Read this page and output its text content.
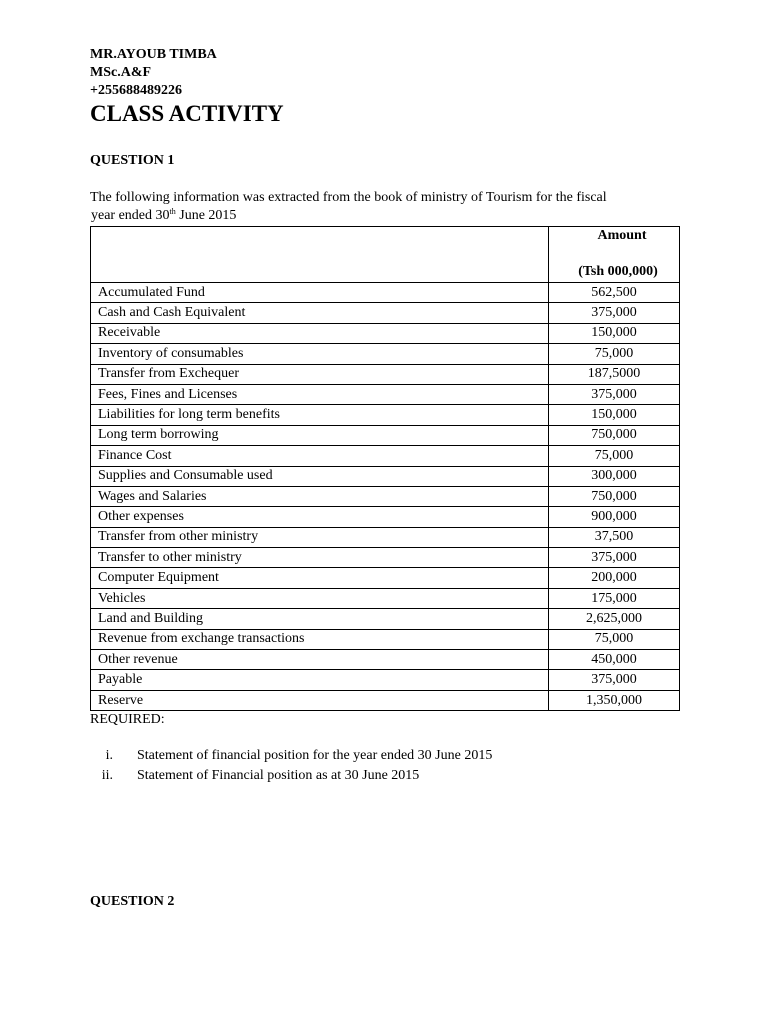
MR.AYOUB TIMBA
MSc.A&F
+255688489226
CLASS ACTIVITY
QUESTION 1

The following information was extracted from the book of ministry of Tourism for the fiscal
year ended 30th June 2015

	Amount
(Tsh 000,000)

Accumulated Fund	562,500
Cash and Cash Equivalent	375,000
Receivable	150,000
Inventory of consumables	75,000
Transfer from Exchequer	187,5000
Fees, Fines and Licenses	375,000
Liabilities for long term benefits	150,000
Long term borrowing	750,000
Finance Cost	75,000
Supplies and Consumable used	300,000
Wages and Salaries	750,000
Other expenses	900,000
Transfer from other ministry	37,500
Transfer to other ministry	375,000
Computer Equipment	200,000
Vehicles	175,000
Land and Building	2,625,000
Revenue from exchange transactions	75,000
Other revenue	450,000
Payable	375,000
Reserve	1,350,000
REQUIRED:
i. Statement of financial position for the year ended 30 June 2015
ii. Statement of Financial position as at 30 June 2015
QUESTION 2
